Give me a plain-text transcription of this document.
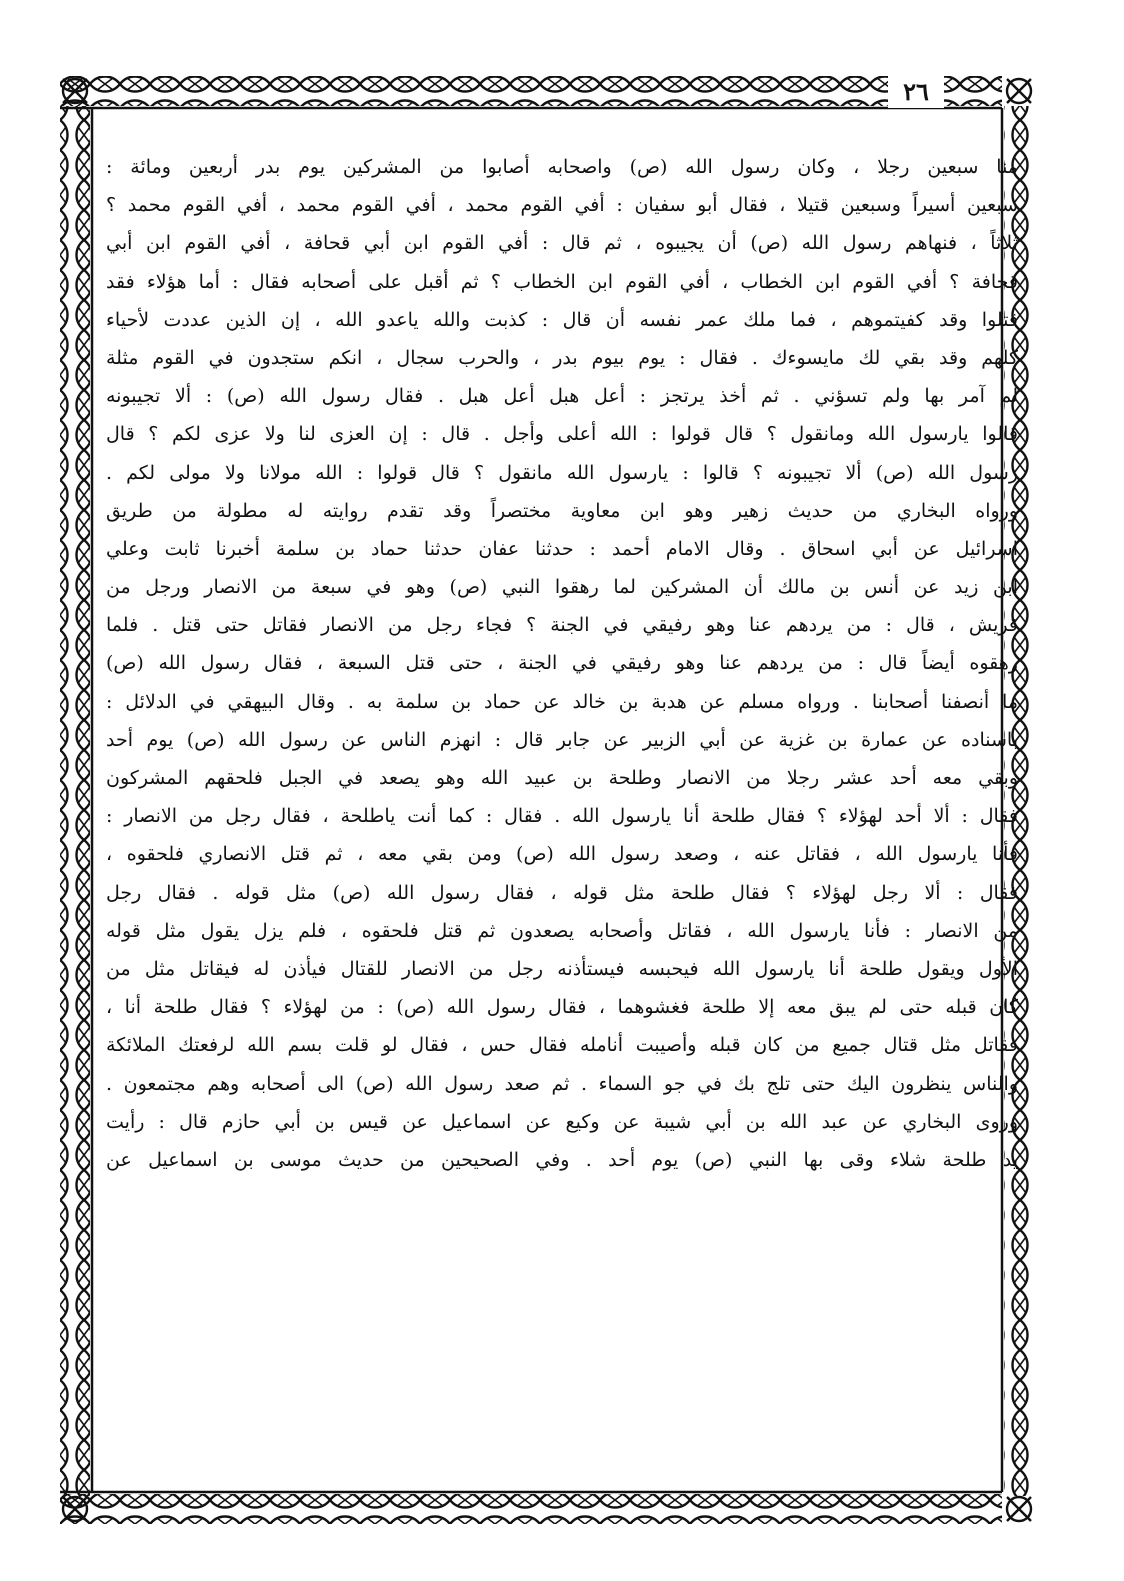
٢٦
منا سبعين رجلا ، وكان رسول الله (ص) واصحابه أصابوا من المشركين يوم بدر أربعين ومائة :
سبعين أسيراً وسبعين قتيلا ، فقال أبو سفيان : أفي القوم محمد ، أفي القوم محمد ، أفي القوم محمد ؟
ثلاثاً ، فنهاهم رسول الله (ص) أن يجيبوه ، ثم قال : أفي القوم ابن أبي قحافة ، أفي القوم ابن أبي
قحافة ؟ أفي القوم ابن الخطاب ، أفي القوم ابن الخطاب ؟ ثم أقبل على أصحابه فقال : أما هؤلاء فقد
قتلوا وقد كفيتموهم ، فما ملك عمر نفسه أن قال : كذبت والله ياعدو الله ، إن الذين عددت لأحياء
كلهم وقد بقي لك مايسوءك . فقال : يوم بيوم بدر ، والحرب سجال ، انكم ستجدون في القوم مثلة
لم آمر بها ولم تسؤني . ثم أخذ يرتجز : أعل هبل أعل هبل . فقال رسول الله (ص) : ألا تجيبونه
قالوا يارسول الله ومانقول ؟ قال قولوا : الله أعلى وأجل . قال : إن العزى لنا ولا عزى لكم ؟ قال
رسول الله (ص) ألا تجيبونه ؟ قالوا : يارسول الله مانقول ؟ قال قولوا : الله مولانا ولا مولى لكم .
ورواه البخاري من حديث زهير وهو ابن معاوية مختصراً وقد تقدم روايته له مطولة من طريق
اسرائيل عن أبي اسحاق . وقال الامام أحمد : حدثنا عفان حدثنا حماد بن سلمة أخبرنا ثابت وعلي
ابن زيد عن أنس بن مالك أن المشركين لما رهقوا النبي (ص) وهو في سبعة من الانصار ورجل من
قريش ، قال : من يردهم عنا وهو رفيقي في الجنة ؟ فجاء رجل من الانصار فقاتل حتى قتل . فلما
رهقوه أيضاً قال : من يردهم عنا وهو رفيقي في الجنة ، حتى قتل السبعة ، فقال رسول الله (ص)
ما أنصفنا أصحابنا . ورواه مسلم عن هدبة بن خالد عن حماد بن سلمة به . وقال البيهقي في الدلائل :
باسناده عن عمارة بن غزية عن أبي الزبير عن جابر قال : انهزم الناس عن رسول الله (ص) يوم أحد
وبقي معه أحد عشر رجلا من الانصار وطلحة بن عبيد الله وهو يصعد في الجبل فلحقهم المشركون
فقال : ألا أحد لهؤلاء ؟ فقال طلحة أنا يارسول الله . فقال : كما أنت ياطلحة ، فقال رجل من الانصار :
فأنا يارسول الله ، فقاتل عنه ، وصعد رسول الله (ص) ومن بقي معه ، ثم قتل الانصاري فلحقوه ،
فقال : ألا رجل لهؤلاء ؟ فقال طلحة مثل قوله ، فقال رسول الله (ص) مثل قوله . فقال رجل
من الانصار : فأنا يارسول الله ، فقاتل وأصحابه يصعدون ثم قتل فلحقوه ، فلم يزل يقول مثل قوله
الأول ويقول طلحة أنا يارسول الله فيحبسه فيستأذنه رجل من الانصار للقتال فيأذن له فيقاتل مثل من
كان قبله حتى لم يبق معه إلا طلحة فغشوهما ، فقال رسول الله (ص) : من لهؤلاء ؟ فقال طلحة أنا ،
فقاتل مثل قتال جميع من كان قبله وأصيبت أنامله فقال حس ، فقال لو قلت بسم الله لرفعتك الملائكة
والناس ينظرون اليك حتى تلج بك في جو السماء . ثم صعد رسول الله (ص) الى أصحابه وهم مجتمعون .
وروى البخاري عن عبد الله بن أبي شيبة عن وكيع عن اسماعيل عن قيس بن أبي حازم قال : رأيت
يد طلحة شلاء وقى بها النبي (ص) يوم أحد . وفي الصحيحين من حديث موسى بن اسماعيل عن
